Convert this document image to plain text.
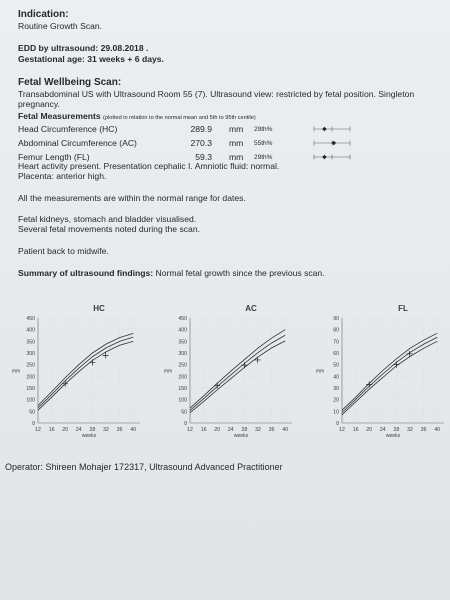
Indication:
Routine Growth Scan.
EDD by ultrasound: 29.08.2018 .
Gestational age: 31 weeks + 6 days.
Fetal Wellbeing Scan:
Transabdominal US with Ultrasound Room 55 (7). Ultrasound view: restricted by fetal position. Singleton pregnancy.
Fetal Measurements (plotted in relation to the normal mean and 5th to 95th centile)
Head Circumference (HC)	289.9 mm 29th%
Abdominal Circumference (AC)	270.3 mm 55th%
Femur Length (FL)	59.3 mm 29th%
Heart activity present. Presentation cephalic I. Amniotic fluid: normal.
Placenta: anterior high.
All the measurements are within the normal range for dates.
Fetal kidneys, stomach and bladder visualised.
Several fetal movements noted during the scan.
Patient back to midwife.
Summary of ultrasound findings: Normal fetal growth since the previous scan.
HC
0
50
100
150
200
250
300
350
400
450
12 16 20 24 28 32 36 40
weeks
mm
AC
0
50
100
150
200
250
300
350
400
450
12 16 20 24 28 32 36 40
weeks
mm
FL
0
10
20
30
40
50
60
70
80
90
12 16 20 24 28 32 36 40
weeks
mm
Operator: Shireen Mohajer 172317, Ultrasound Advanced Practitioner
